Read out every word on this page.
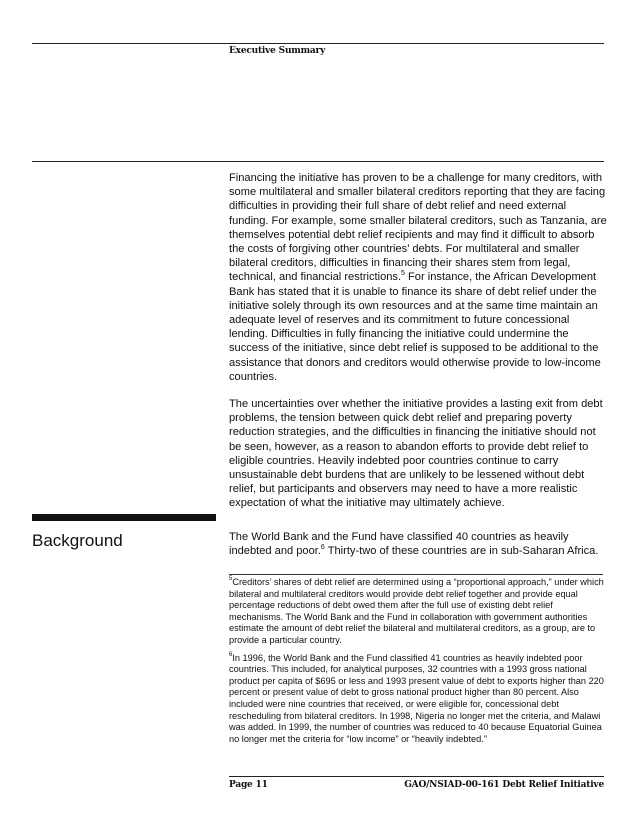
Executive Summary

Financing the initiative has proven to be a challenge for many creditors, with some multilateral and smaller bilateral creditors reporting that they are facing difficulties in providing their full share of debt relief and need external funding. For example, some smaller bilateral creditors, such as Tanzania, are themselves potential debt relief recipients and may find it difficult to absorb the costs of forgiving other countries’ debts. For multilateral and smaller bilateral creditors, difficulties in financing their shares stem from legal, technical, and financial restrictions.$^5$ For instance, the African Development Bank has stated that it is unable to finance its share of debt relief under the initiative solely through its own resources and at the same time maintain an adequate level of reserves and its commitment to future concessional lending. Difficulties in fully financing the initiative could undermine the success of the initiative, since debt relief is supposed to be additional to the assistance that donors and creditors would otherwise provide to low-income countries.

The uncertainties over whether the initiative provides a lasting exit from debt problems, the tension between quick debt relief and preparing poverty reduction strategies, and the difficulties in financing the initiative should not be seen, however, as a reason to abandon efforts to provide debt relief to eligible countries. Heavily indebted poor countries continue to carry unsustainable debt burdens that are unlikely to be lessened without debt relief, but participants and observers may need to have a more realistic expectation of what the initiative may ultimately achieve.

Background	The World Bank and the Fund have classified 40 countries as heavily indebted and poor.$^6$ Thirty-two of these countries are in sub-Saharan Africa.

$^5$Creditors’ shares of debt relief are determined using a “proportional approach,” under which bilateral and multilateral creditors would provide debt relief together and provide equal percentage reductions of debt owed them after the full use of existing debt relief mechanisms. The World Bank and the Fund in collaboration with government authorities estimate the amount of debt relief the bilateral and multilateral creditors, as a group, are to provide a particular country.

$^6$In 1996, the World Bank and the Fund classified 41 countries as heavily indebted poor countries. This included, for analytical purposes, 32 countries with a 1993 gross national product per capita of $695 or less and 1993 present value of debt to exports higher than 220 percent or present value of debt to gross national product higher than 80 percent. Also included were nine countries that received, or were eligible for, concessional debt rescheduling from bilateral creditors. In 1998, Nigeria no longer met the criteria, and Malawi was added. In 1999, the number of countries was reduced to 40 because Equatorial Guinea no longer met the criteria for “low income” or “heavily indebted.”

Page 11	GAO/NSIAD-00-161 Debt Relief Initiative
